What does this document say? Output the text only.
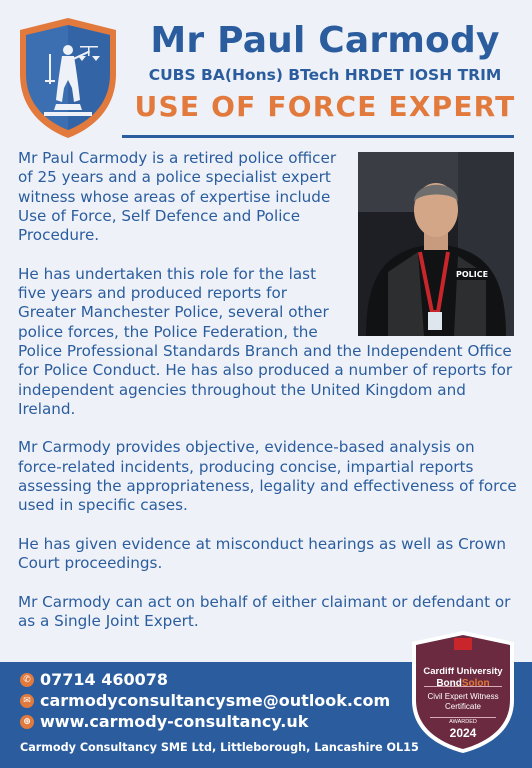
Mr Paul Carmody
CUBS BA(Hons) BTech HRDET IOSH TRIM
USE OF FORCE EXPERT
POLICE

Mr Paul Carmody is a retired police officer of 25 years and a police specialist expert witness whose areas of expertise include Use of Force, Self Defence and Police Procedure.

He has undertaken this role for the last five years and produced reports for Greater Manchester Police, several other police forces, the Police Federation, the

Police Professional Standards Branch and the Independent Office for Police Conduct. He has also produced a number of reports for independent agencies throughout the United Kingdom and Ireland.

Mr Carmody provides objective, evidence-based analysis on force-related incidents, producing concise, impartial reports assessing the appropriateness, legality and effectiveness of force used in specific cases.

He has given evidence at misconduct hearings as well as Crown Court proceedings.

Mr Carmody can act on behalf of either claimant or defendant or as a Single Joint Expert.

✆ 07714 460078
✉ carmodyconsultancysme@outlook.com
⊕ www.carmody-consultancy.uk
Carmody Consultancy SME Ltd, Littleborough, Lancashire OL15
Cardiff University
BondSolon
Civil Expert Witness Certificate
AWARDED
2024
